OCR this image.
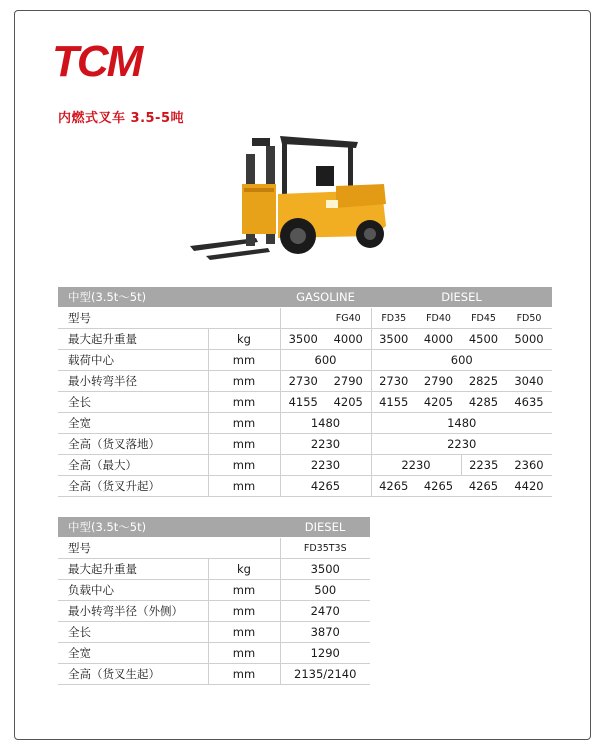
TCM
内燃式叉车 3.5-5吨
中型(3.5t～5t)		GASOLINE		DIESEL			
型号			FG40	FD35	FD40	FD45	FD50
最大起升重量	kg	3500	4000	3500	4000	4500	5000
载荷中心	mm	600		600			
最小转弯半径	mm	2730	2790	2730	2790	2825	3040
全长	mm	4155	4205	4155	4205	4285	4635
全宽	mm	1480		1480			
全高（货叉落地）	mm	2230		2230			
全高（最大）	mm	2230		2230		2235	2360
全高（货叉升起）	mm	4265		4265	4265	4265	4420
中型(3.5t～5t)		DIESEL
型号		FD35T3S
最大起升重量	kg	3500
负载中心	mm	500
最小转弯半径（外侧）	mm	2470
全长	mm	3870
全宽	mm	1290
全高（货叉生起）	mm	2135/2140
